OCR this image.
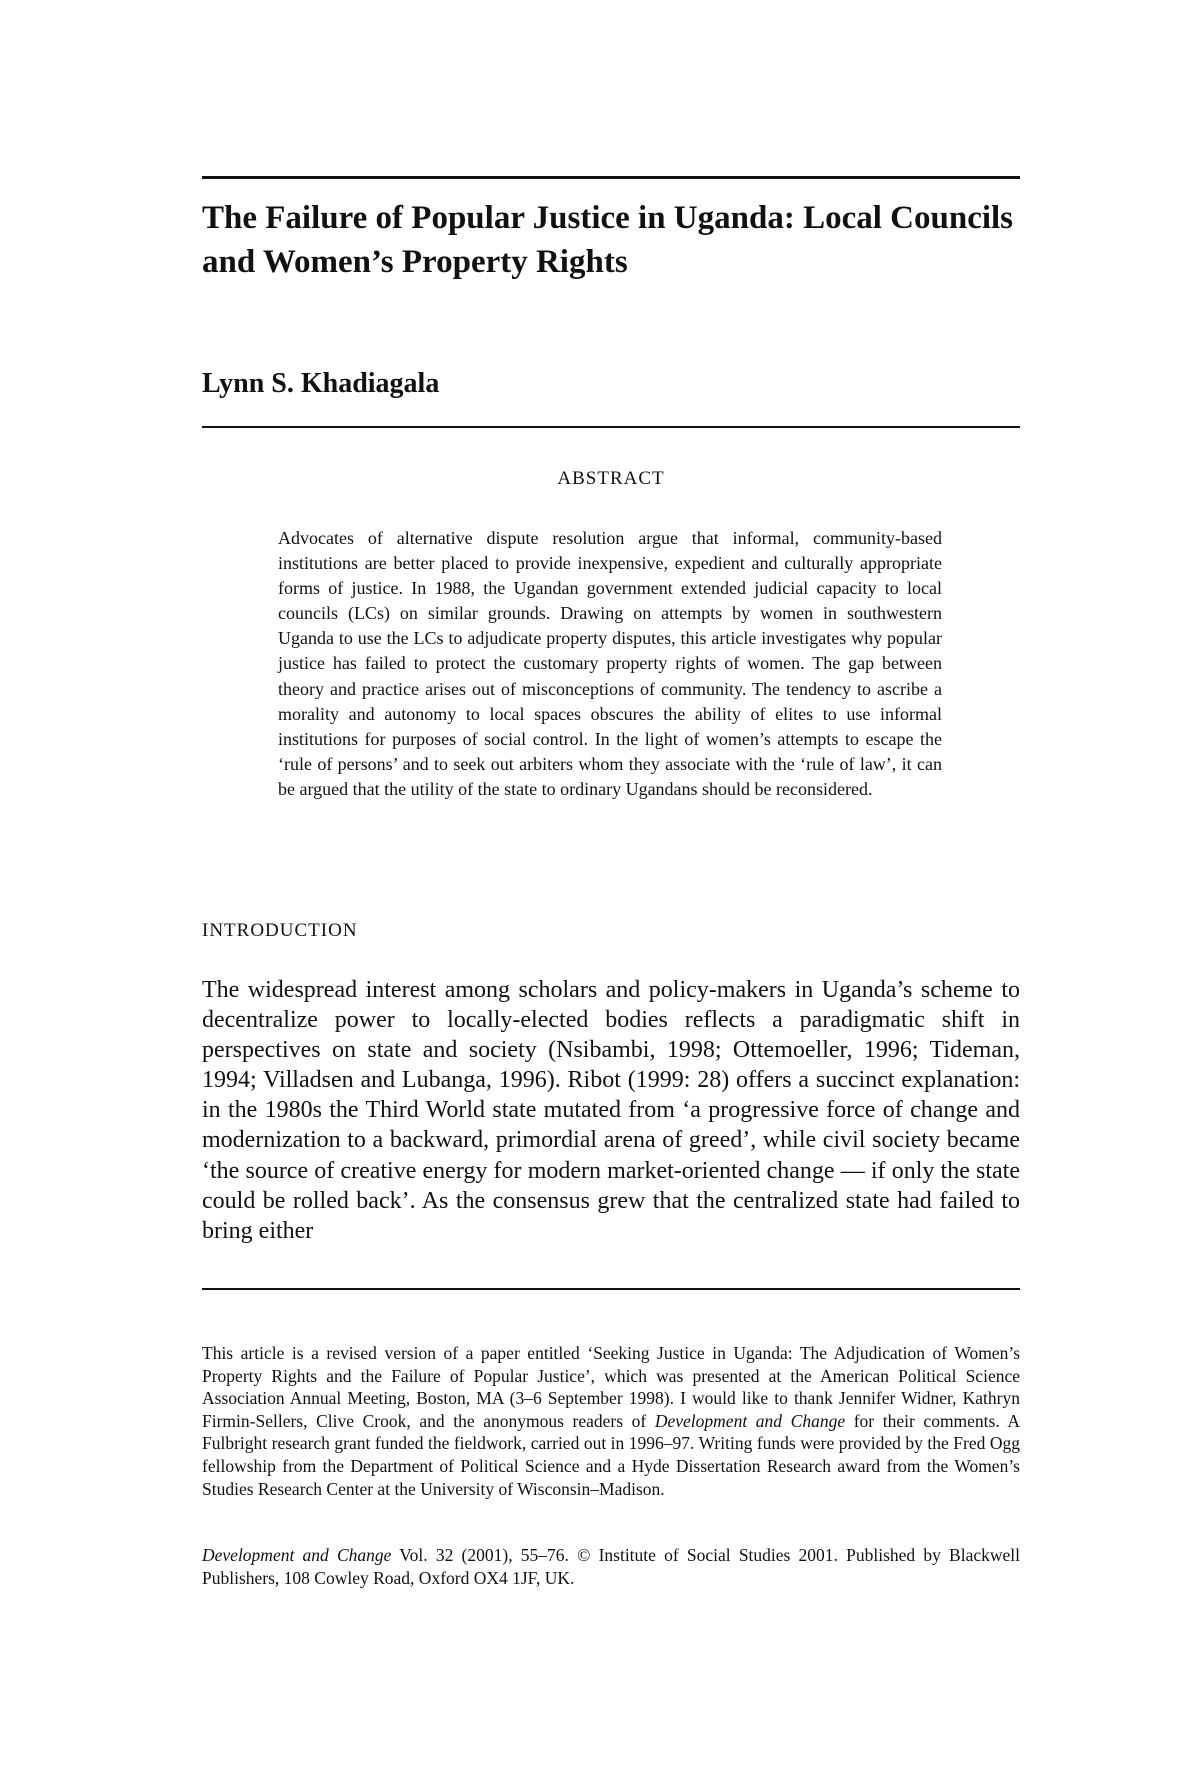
The Failure of Popular Justice in Uganda: Local Councils and Women’s Property Rights

Lynn S. Khadiagala

ABSTRACT

Advocates of alternative dispute resolution argue that informal, community-based institutions are better placed to provide inexpensive, expedient and culturally appropriate forms of justice. In 1988, the Ugandan government extended judicial capacity to local councils (LCs) on similar grounds. Drawing on attempts by women in southwestern Uganda to use the LCs to adjudicate property disputes, this article investigates why popular justice has failed to protect the customary property rights of women. The gap between theory and practice arises out of misconceptions of community. The tendency to ascribe a morality and autonomy to local spaces obscures the ability of elites to use informal institutions for purposes of social control. In the light of women’s attempts to escape the ‘rule of persons’ and to seek out arbiters whom they associate with the ‘rule of law’, it can be argued that the utility of the state to ordinary Ugandans should be reconsidered.

INTRODUCTION

The widespread interest among scholars and policy-makers in Uganda’s scheme to decentralize power to locally-elected bodies reflects a paradigmatic shift in perspectives on state and society (Nsibambi, 1998; Ottemoeller, 1996; Tideman, 1994; Villadsen and Lubanga, 1996). Ribot (1999: 28) offers a succinct explanation: in the 1980s the Third World state mutated from ‘a progressive force of change and modernization to a backward, primordial arena of greed’, while civil society became ‘the source of creative energy for modern market-oriented change — if only the state could be rolled back’. As the consensus grew that the centralized state had failed to bring either

This article is a revised version of a paper entitled ‘Seeking Justice in Uganda: The Adjudication of Women’s Property Rights and the Failure of Popular Justice’, which was presented at the American Political Science Association Annual Meeting, Boston, MA (3–6 September 1998). I would like to thank Jennifer Widner, Kathryn Firmin-Sellers, Clive Crook, and the anonymous readers of Development and Change for their comments. A Fulbright research grant funded the fieldwork, carried out in 1996–97. Writing funds were provided by the Fred Ogg fellowship from the Department of Political Science and a Hyde Dissertation Research award from the Women’s Studies Research Center at the University of Wisconsin–Madison.

Development and Change Vol. 32 (2001), 55–76. © Institute of Social Studies 2001. Published by Blackwell Publishers, 108 Cowley Road, Oxford OX4 1JF, UK.
